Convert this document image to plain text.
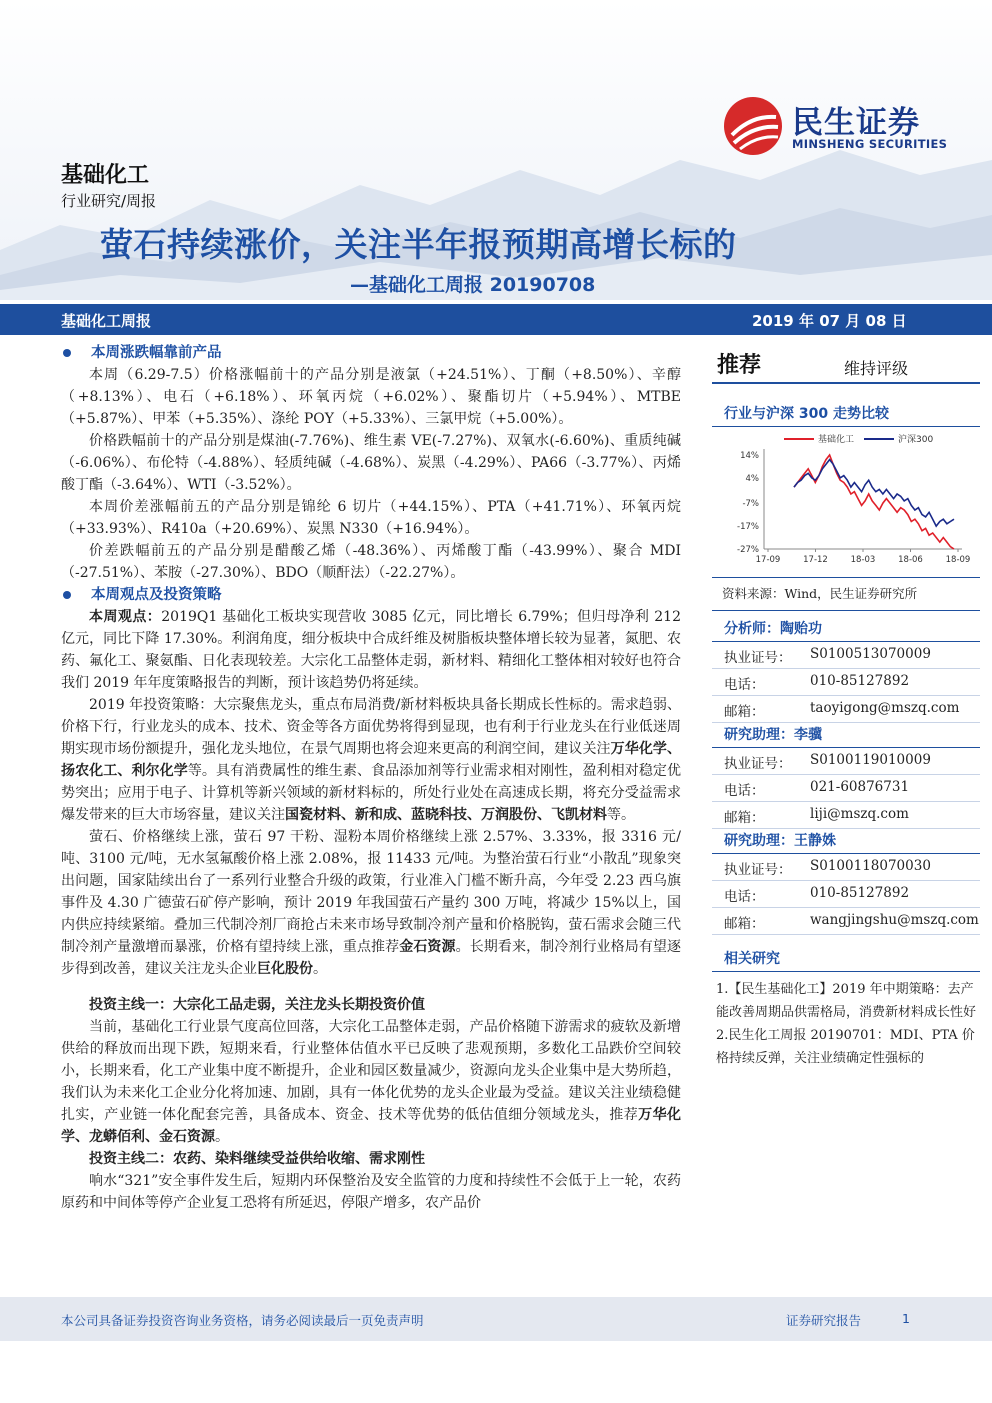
民生证券
MINSHENG SECURITIES
基础化工
行业研究/周报
萤石持续涨价，关注半年报预期高增长标的
—基础化工周报 20190708
基础化工周报	2019 年 07 月 08 日
本周涨跌幅靠前产品

本周（6.29-7.5）价格涨幅前十的产品分别是液氯（+24.51%）、丁酮（+8.50%）、辛醇（+8.13%）、电石（+6.18%）、环氧丙烷（+6.02%）、聚酯切片（+5.94%）、MTBE（+5.87%）、甲苯（+5.35%）、涤纶 POY（+5.33%）、三氯甲烷（+5.00%）。

价格跌幅前十的产品分别是煤油(-7.76%)、维生素 VE(-7.27%)、双氧水(-6.60%)、重质纯碱（-6.06%）、布伦特（-4.88%）、轻质纯碱（-4.68%）、炭黑（-4.29%）、PA66（-3.77%）、丙烯酸丁酯（-3.64%）、WTI（-3.52%）。

本周价差涨幅前五的产品分别是锦纶 6 切片（+44.15%）、PTA（+41.71%）、环氧丙烷（+33.93%）、R410a（+20.69%）、炭黑 N330（+16.94%）。

价差跌幅前五的产品分别是醋酸乙烯（-48.36%）、丙烯酸丁酯（-43.99%）、聚合 MDI（-27.51%）、苯胺（-27.30%）、BDO（顺酐法）（-22.27%）。

本周观点及投资策略

本周观点：2019Q1 基础化工板块实现营收 3085 亿元，同比增长 6.79%；但归母净利 212 亿元，同比下降 17.30%。利润角度，细分板块中合成纤维及树脂板块整体增长较为显著，氮肥、农药、氟化工、聚氨酯、日化表现较差。大宗化工品整体走弱，新材料、精细化工整体相对较好也符合我们 2019 年年度策略报告的判断，预计该趋势仍将延续。

2019 年投资策略：大宗聚焦龙头，重点布局消费/新材料板块具备长期成长性标的。需求趋弱、价格下行，行业龙头的成本、技术、资金等各方面优势将得到显现，也有利于行业龙头在行业低迷周期实现市场份额提升，强化龙头地位，在景气周期也将会迎来更高的利润空间，建议关注万华化学、扬农化工、利尔化学等。具有消费属性的维生素、食品添加剂等行业需求相对刚性，盈利相对稳定优势突出；应用于电子、计算机等新兴领域的新材料标的，所处行业处在高速成长期，将充分受益需求爆发带来的巨大市场容量，建议关注国瓷材料、新和成、蓝晓科技、万润股份、飞凯材料等。

萤石、价格继续上涨，萤石 97 干粉、湿粉本周价格继续上涨 2.57%、3.33%，报 3316 元/吨、3100 元/吨，无水氢氟酸价格上涨 2.08%，报 11433 元/吨。为整治萤石行业“小散乱”现象突出问题，国家陆续出台了一系列行业整合升级的政策，行业准入门槛不断升高，今年受 2.23 西乌旗事件及 4.30 广德萤石矿停产影响，预计 2019 年我国萤石产量约 300 万吨，将减少 15%以上，国内供应持续紧缩。叠加三代制冷剂厂商抢占未来市场导致制冷剂产量和价格脱钩，萤石需求会随三代制冷剂产量激增而暴涨，价格有望持续上涨，重点推荐金石资源。长期看来，制冷剂行业格局有望逐步得到改善，建议关注龙头企业巨化股份。

投资主线一：大宗化工品走弱，关注龙头长期投资价值

当前，基础化工行业景气度高位回落，大宗化工品整体走弱，产品价格随下游需求的疲软及新增供给的释放而出现下跌，短期来看，行业整体估值水平已反映了悲观预期，多数化工品跌价空间较小，长期来看，化工产业集中度不断提升，企业和园区数量减少，资源向龙头企业集中是大势所趋，我们认为未来化工企业分化将加速、加剧，具有一体化优势的龙头企业最为受益。建议关注业绩稳健扎实，产业链一体化配套完善，具备成本、资金、技术等优势的低估值细分领域龙头，推荐万华化学、龙蟒佰利、金石资源。

投资主线二：农药、染料继续受益供给收缩、需求刚性

响水“321”安全事件发生后，短期内环保整治及安全监管的力度和持续性不会低于上一轮，农药原药和中间体等停产企业复工恐将有所延迟，停限产增多，农产品价

推荐	维持评级
行业与沪深 300 走势比较
基础化工	沪深300
14%
4%
-7%
-17%
-27%
17-09	17-12	18-03	18-06	18-09
资料来源：Wind，民生证券研究所
分析师：陶贻功
执业证号： S0100513070009
电话：	010-85127892
邮箱：	taoyigong@mszq.com
研究助理：李骥
执业证号： S0100119010009
电话：	021-60876731
邮箱：	liji@mszq.com
研究助理：王静姝
执业证号： S0100118070030
电话：	010-85127892
邮箱：	wangjingshu@mszq.com
相关研究

1.【民生基础化工】2019 年中期策略：去产能改善周期品供需格局，消费新材料成长性好

2.民生化工周报 20190701：MDI、PTA 价格持续反弹，关注业绩确定性强标的

本公司具备证券投资咨询业务资格，请务必阅读最后一页免责声明	证券研究报告	1
